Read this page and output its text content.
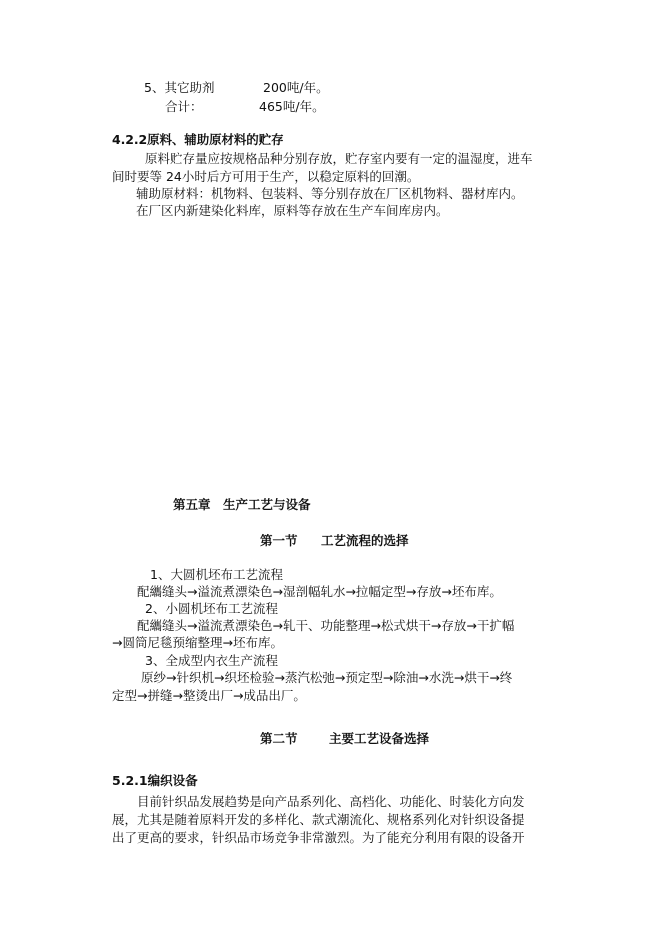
5、其它助剂	200吨/年。
合计：	465吨/年。
4.2.2原料、辅助原材料的贮存
原料贮存量应按规格品种分别存放，贮存室内要有一定的温湿度，进车
间时要等 24小时后方可用于生产，以稳定原料的回潮。
辅助原材料：机物料、包装料、等分别存放在厂区机物料、器材库内。
在厂区内新建染化料库，原料等存放在生产车间库房内。
第五章　生产工艺与设备
第一节 工艺流程的选择
1、大圆机坯布工艺流程
配纗缝头→溢流煮漂染色→湿剖幅轧水→拉幅定型→存放→坯布库。
2、小圆机坯布工艺流程
配纗缝头→溢流煮漂染色→轧干、功能整理→松式烘干→存放→干扩幅
→圆筒尼毯预缩整理→坯布库。
3、全成型内衣生产流程
原纱→针织机→织坯检验→蒸汽松弛→预定型→除油→水洗→烘干→终
定型→拼缝→整烫出厂→成品出厂。
第二节	主要工艺设备选择
5.2.1编织设备
目前针织品发展趋势是向产品系列化、高档化、功能化、时装化方向发
展，尤其是随着原料开发的多样化、款式潮流化、规格系列化对针织设备提
出了更高的要求，针织品市场竞争非常激烈。为了能充分利用有限的设备开
